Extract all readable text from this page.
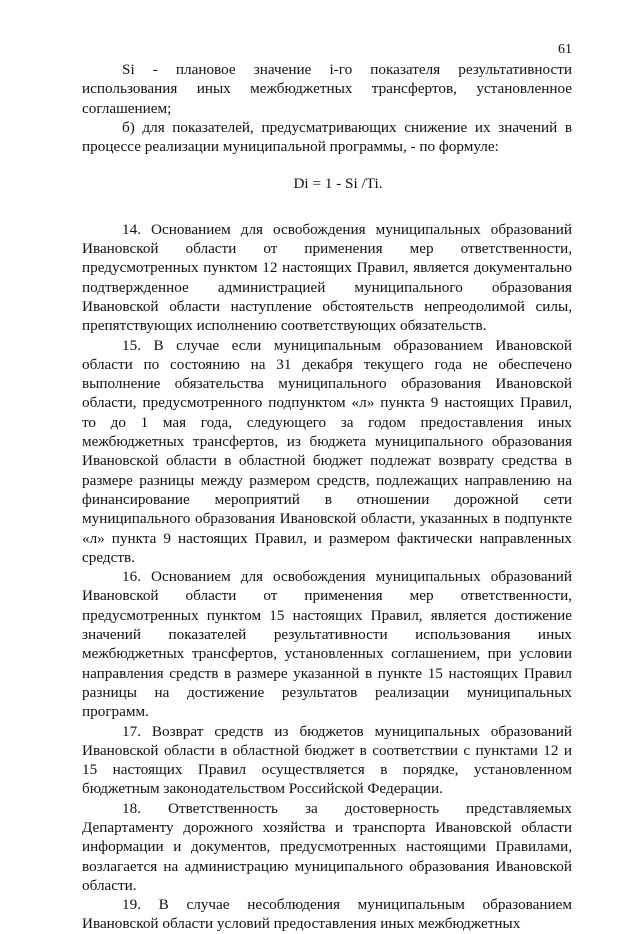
61

Si - плановое значение i-го показателя результативности использования иных межбюджетных трансфертов, установленное соглашением;

б) для показателей, предусматривающих снижение их значений в процессе реализации муниципальной программы, - по формуле:

Di = 1 - Si /Ti.

14. Основанием для освобождения муниципальных образований Ивановской области от применения мер ответственности, предусмотренных пунктом 12 настоящих Правил, является документально подтвержденное администрацией муниципального образования Ивановской области наступление обстоятельств непреодолимой силы, препятствующих исполнению соответствующих обязательств.

15. В случае если муниципальным образованием Ивановской области по состоянию на 31 декабря текущего года не обеспечено выполнение обязательства муниципального образования Ивановской области, предусмотренного подпунктом «л» пункта 9 настоящих Правил, то до 1 мая года, следующего за годом предоставления иных межбюджетных трансфертов, из бюджета муниципального образования Ивановской области в областной бюджет подлежат возврату средства в размере разницы между размером средств, подлежащих направлению на финансирование мероприятий в отношении дорожной сети муниципального образования Ивановской области, указанных в подпункте «л» пункта 9 настоящих Правил, и размером фактически направленных средств.

16. Основанием для освобождения муниципальных образований Ивановской области от применения мер ответственности, предусмотренных пунктом 15 настоящих Правил, является достижение значений показателей результативности использования иных межбюджетных трансфертов, установленных соглашением, при условии направления средств в размере указанной в пункте 15 настоящих Правил разницы на достижение результатов реализации муниципальных программ.

17. Возврат средств из бюджетов муниципальных образований Ивановской области в областной бюджет в соответствии с пунктами 12 и 15 настоящих Правил осуществляется в порядке, установленном бюджетным законодательством Российской Федерации.

18. Ответственность за достоверность представляемых Департаменту дорожного хозяйства и транспорта Ивановской области информации и документов, предусмотренных настоящими Правилами, возлагается на администрацию муниципального образования Ивановской области.

19. В случае несоблюдения муниципальным образованием Ивановской области условий предоставления иных межбюджетных
